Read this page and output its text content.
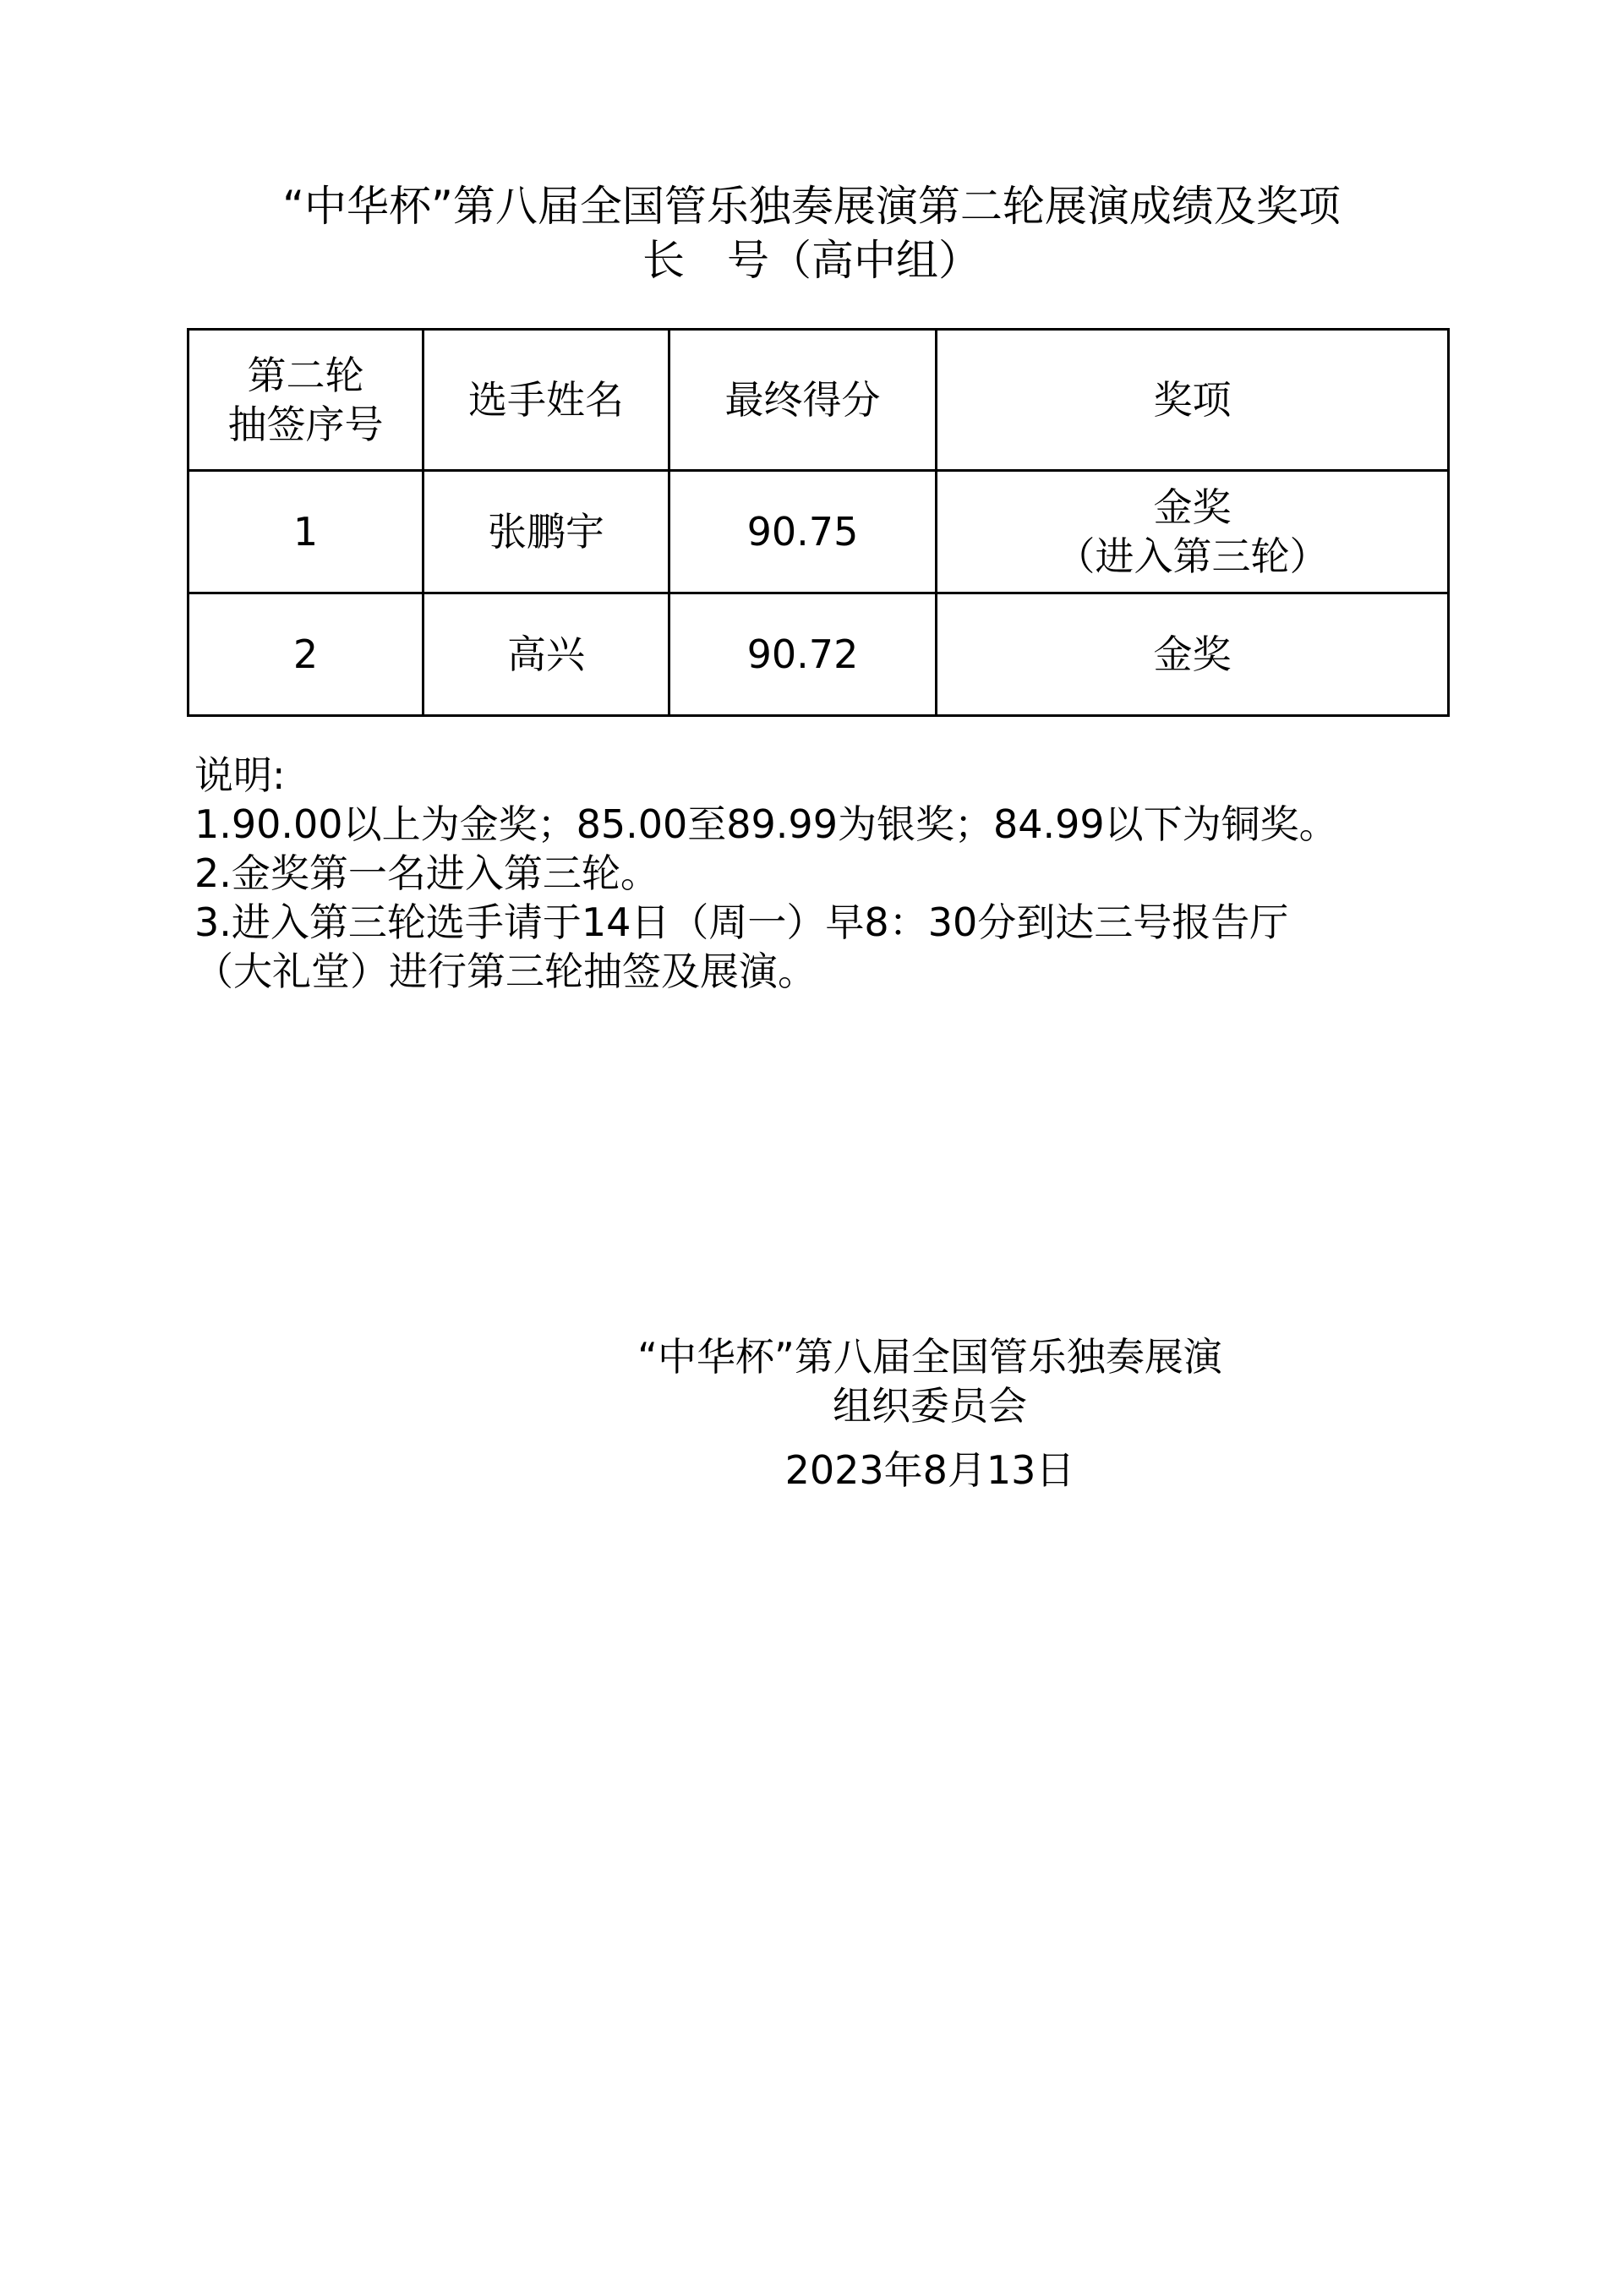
“中华杯”第八届全国管乐独奏展演第二轮展演成绩及奖项
长　号（高中组）
第二轮
抽签序号	选手姓名	最终得分	奖项

1	张鹏宇	90.75	金奖
（进入第三轮）

2	高兴	90.72	金奖
说明:
1.90.00以上为金奖；85.00至89.99为银奖；84.99以下为铜奖。
2.金奖第一名进入第三轮。
3.进入第三轮选手请于14日（周一）早8：30分到达三号报告厅
（大礼堂）进行第三轮抽签及展演。
“中华杯”第八届全国管乐独奏展演
组织委员会
2023年8月13日
